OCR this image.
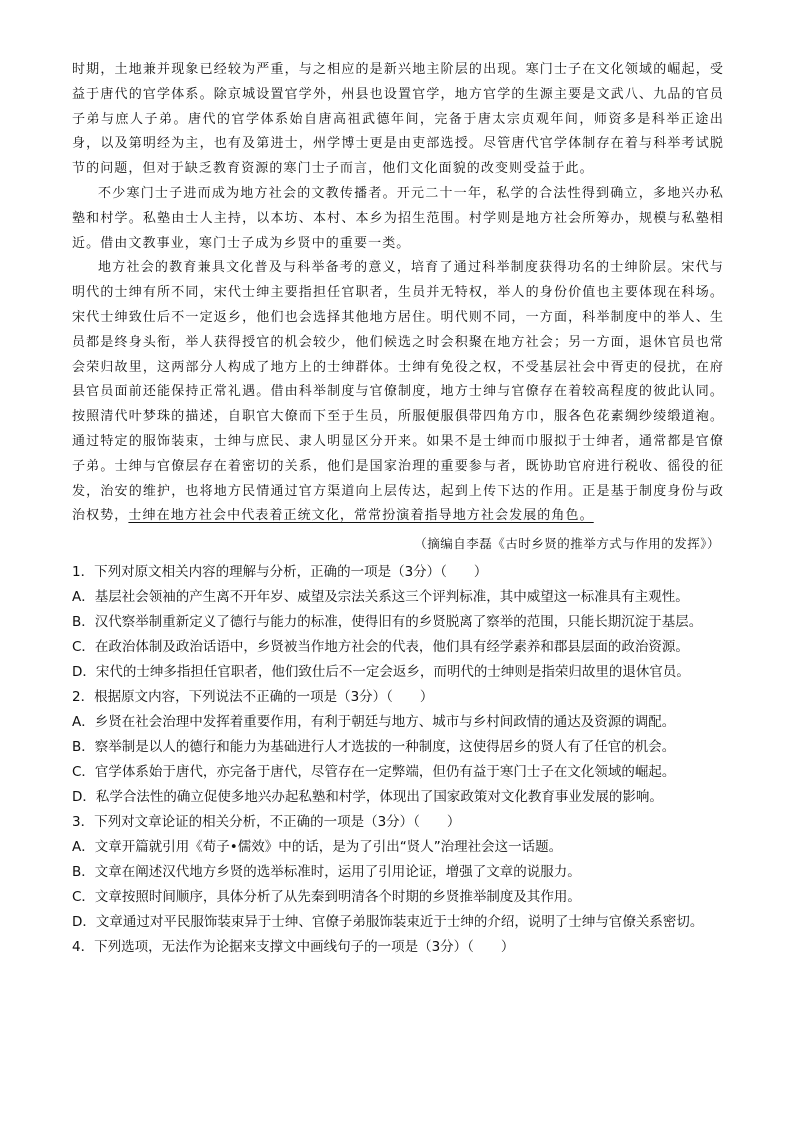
时期，土地兼并现象已经较为严重，与之相应的是新兴地主阶层的出现。寒门士子在文化领域的崛起，受益于唐代的官学体系。除京城设置官学外，州县也设置官学，地方官学的生源主要是文武八、九品的官员子弟与庶人子弟。唐代的官学体系始自唐高祖武德年间，完备于唐太宗贞观年间，师资多是科举正途出身，以及第明经为主，也有及第进士，州学博士更是由吏部选授。尽管唐代官学体制存在着与科举考试脱节的问题，但对于缺乏教育资源的寒门士子而言，他们文化面貌的改变则受益于此。

不少寒门士子进而成为地方社会的文教传播者。开元二十一年，私学的合法性得到确立，多地兴办私塾和村学。私塾由士人主持，以本坊、本村、本乡为招生范围。村学则是地方社会所筹办，规模与私塾相近。借由文教事业，寒门士子成为乡贤中的重要一类。

地方社会的教育兼具文化普及与科举备考的意义，培育了通过科举制度获得功名的士绅阶层。宋代与明代的士绅有所不同，宋代士绅主要指担任官职者，生员并无特权，举人的身份价值也主要体现在科场。宋代士绅致仕后不一定返乡，他们也会选择其他地方居住。明代则不同，一方面，科举制度中的举人、生员都是终身头衔，举人获得授官的机会较少，他们候选之时会积聚在地方社会；另一方面，退休官员也常会荣归故里，这两部分人构成了地方上的士绅群体。士绅有免役之权，不受基层社会中胥吏的侵扰，在府县官员面前还能保持正常礼遇。借由科举制度与官僚制度，地方士绅与官僚存在着较高程度的彼此认同。按照清代叶梦珠的描述，自职官大僚而下至于生员，所服便服俱带四角方巾，服各色花素绸纱绫缎道袍。通过特定的服饰装束，士绅与庶民、隶人明显区分开来。如果不是士绅而巾服拟于士绅者，通常都是官僚子弟。士绅与官僚层存在着密切的关系，他们是国家治理的重要参与者，既协助官府进行税收、徭役的征发，治安的维护，也将地方民情通过官方渠道向上层传达，起到上传下达的作用。正是基于制度身份与政治权势，士绅在地方社会中代表着正统文化，常常扮演着指导地方社会发展的角色。

（摘编自李磊《古时乡贤的推举方式与作用的发挥》）

1．下列对原文相关内容的理解与分析，正确的一项是（3分）（　　）

A．基层社会领袖的产生离不开年岁、威望及宗法关系这三个评判标准，其中威望这一标准具有主观性。

B．汉代察举制重新定义了德行与能力的标准，使得旧有的乡贤脱离了察举的范围，只能长期沉淀于基层。

C．在政治体制及政治话语中，乡贤被当作地方社会的代表，他们具有经学素养和郡县层面的政治资源。

D．宋代的士绅多指担任官职者，他们致仕后不一定会返乡，而明代的士绅则是指荣归故里的退休官员。

2．根据原文内容，下列说法不正确的一项是（3分）（　　）

A．乡贤在社会治理中发挥着重要作用，有利于朝廷与地方、城市与乡村间政情的通达及资源的调配。

B．察举制是以人的德行和能力为基础进行人才选拔的一种制度，这使得居乡的贤人有了任官的机会。

C．官学体系始于唐代，亦完备于唐代，尽管存在一定弊端，但仍有益于寒门士子在文化领域的崛起。

D．私学合法性的确立促使多地兴办起私塾和村学，体现出了国家政策对文化教育事业发展的影响。

3．下列对文章论证的相关分析，不正确的一项是（3分）（　　）

A．文章开篇就引用《荀子•儒效》中的话，是为了引出“贤人”治理社会这一话题。

B．文章在阐述汉代地方乡贤的选举标准时，运用了引用论证，增强了文章的说服力。

C．文章按照时间顺序，具体分析了从先秦到明清各个时期的乡贤推举制度及其作用。

D．文章通过对平民服饰装束异于士绅、官僚子弟服饰装束近于士绅的介绍，说明了士绅与官僚关系密切。

4．下列选项，无法作为论据来支撑文中画线句子的一项是（3分）（　　）
